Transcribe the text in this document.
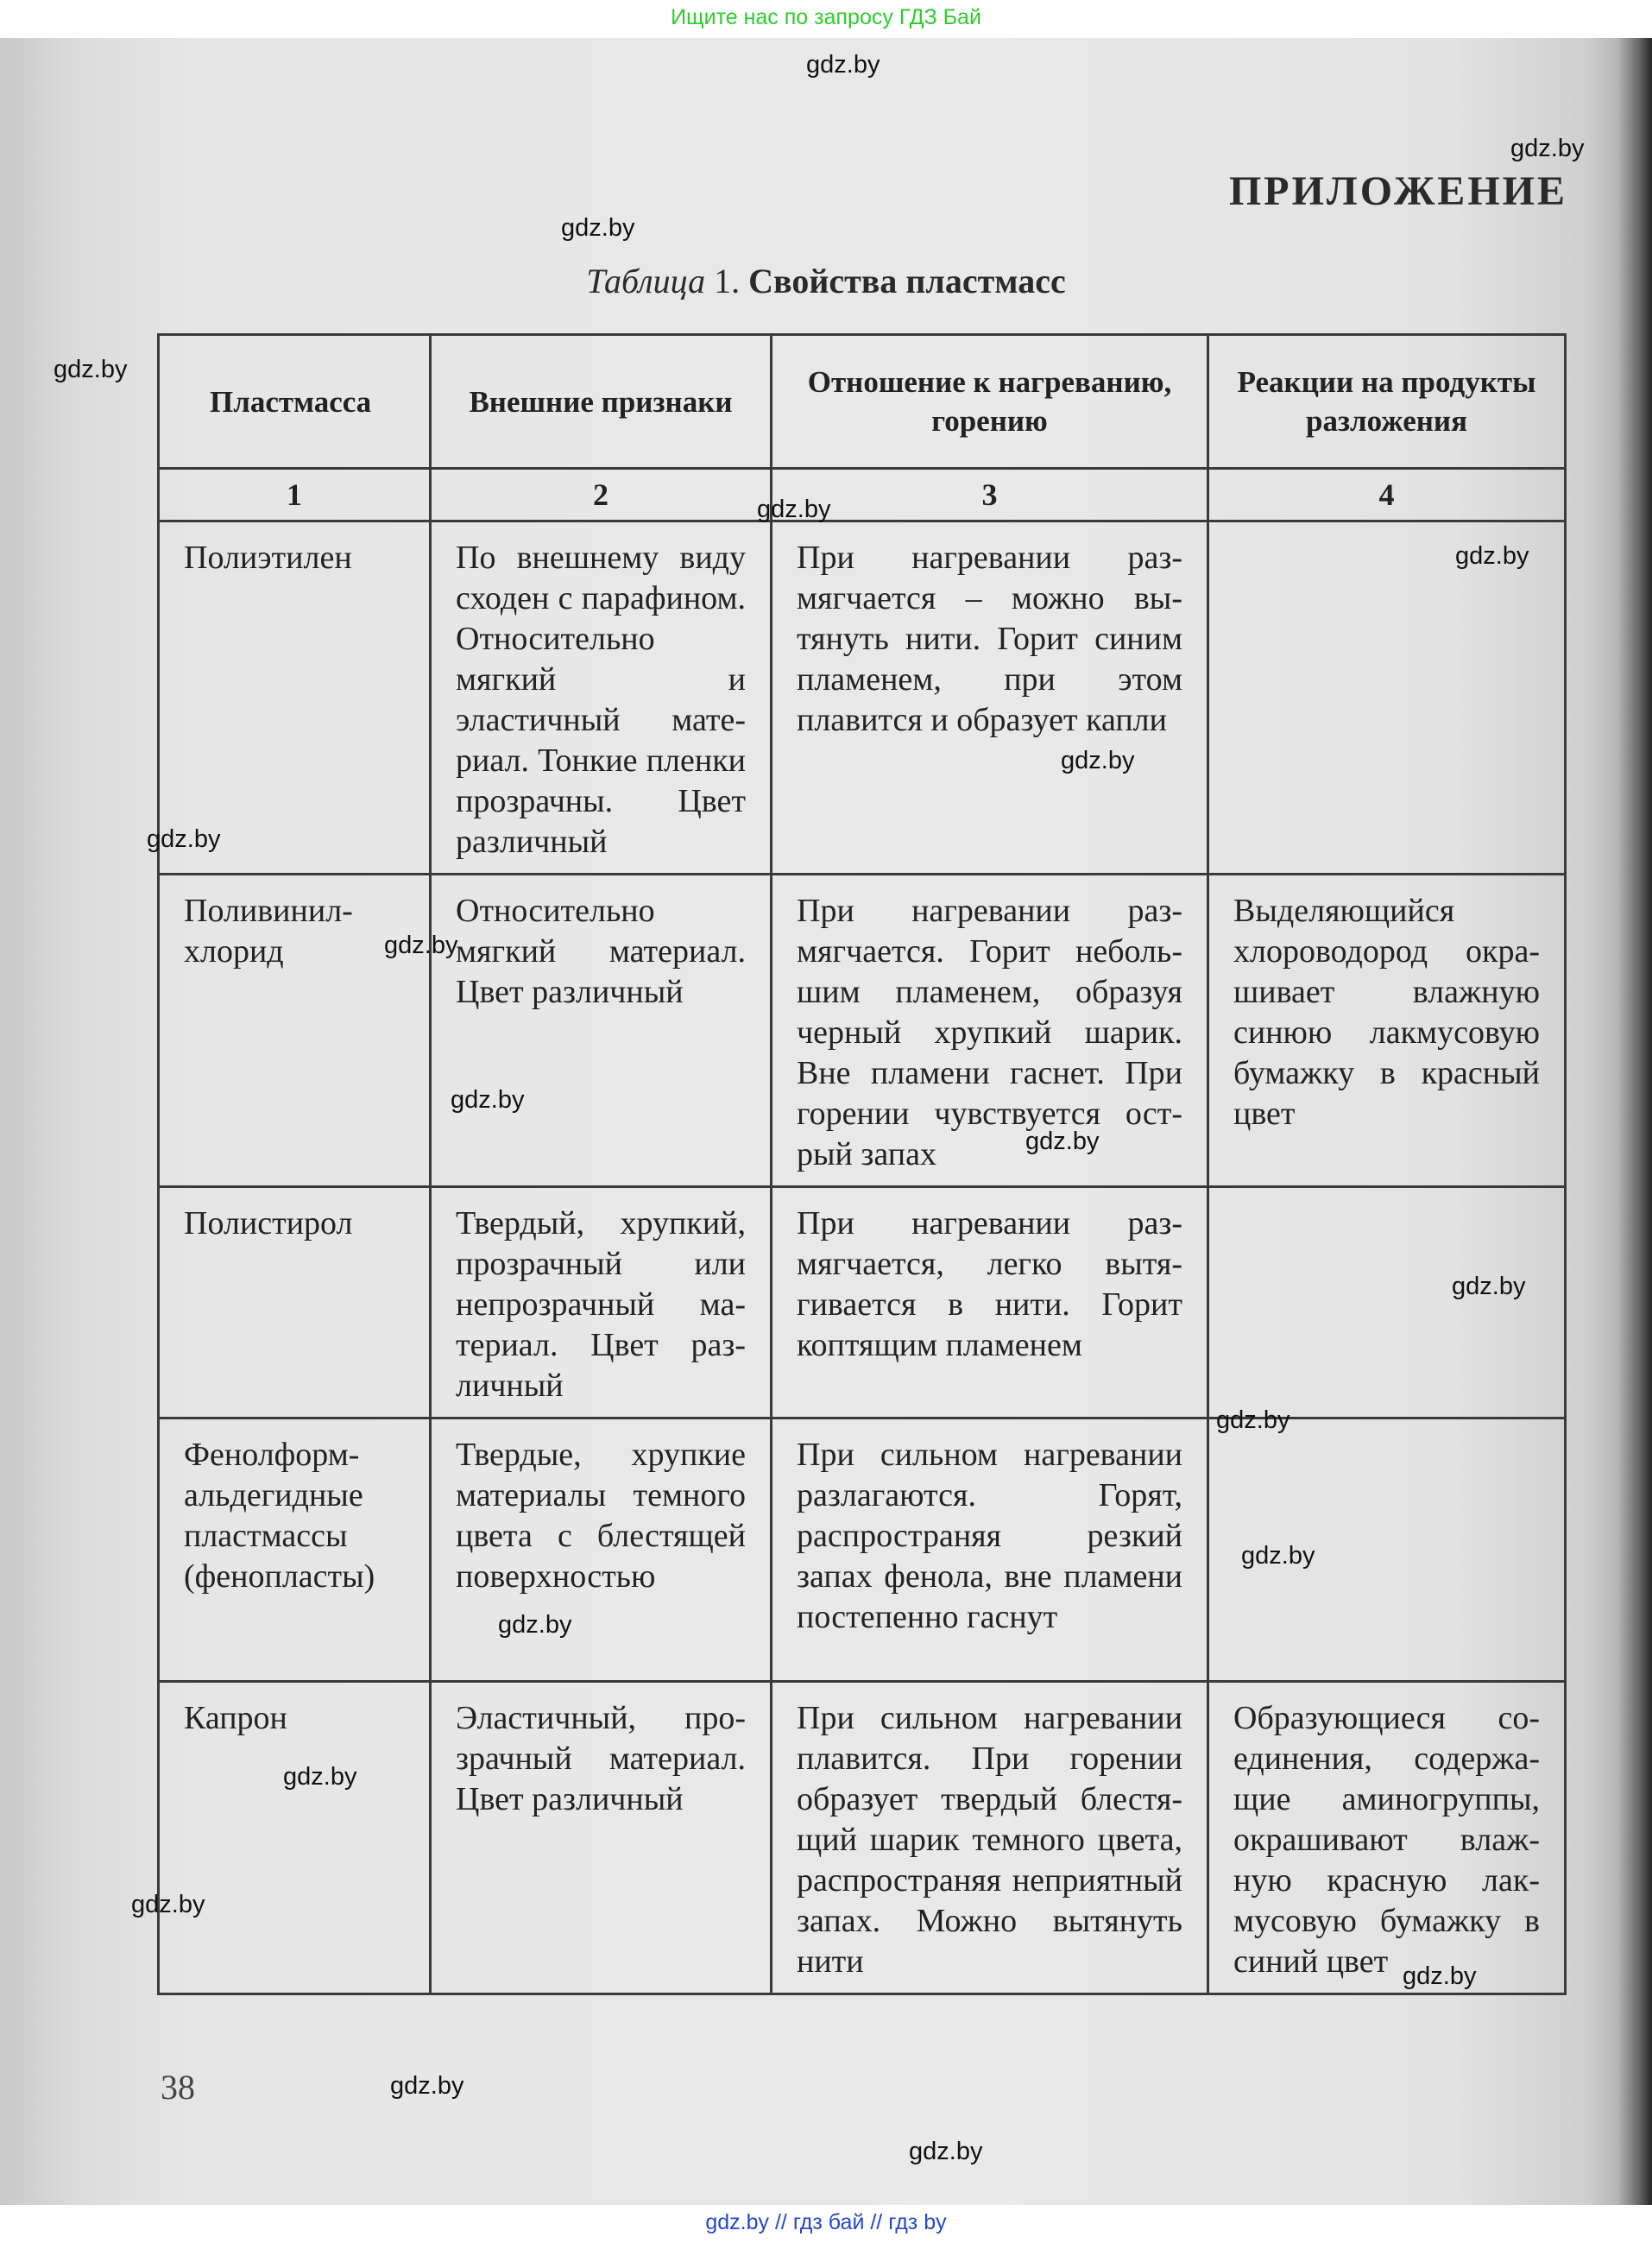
Ищите нас по запросу ГДЗ Бай
ПРИЛОЖЕНИЕ
Таблица 1. Свойства пластмасс
Пластмасса	Внешние признаки	Отношение к нагреванию, горению	Реакции на продукты разложения
1	2	3	4
Полиэтилен	По внешнему виду сходен с парафином. Относительно мягкий и эластичный материал. Тонкие пленки прозрачны. Цвет различный	При нагревании размягчается – можно вытянуть нити. Горит синим пламенем, при этом плавится и образует капли	
Поливинилхлорид	Относительно мягкий материал. Цвет различный	При нагревании размягчается. Горит небольшим пламенем, образуя черный хрупкий шарик. Вне пламени гаснет. При горении чувствуется острый запах	Выделяющийся хлороводород окрашивает влажную синюю лакмусовую бумажку в красный цвет
Полистирол	Твердый, хрупкий, прозрачный или непрозрачный материал. Цвет различный	При нагревании размягчается, легко вытягивается в нити. Горит коптящим пламенем	
Фенолформальдегидные пластмассы (фенопласты)	Твердые, хрупкие материалы темного цвета с блестящей поверхностью	При сильном нагревании разлагаются. Горят, распространяя резкий запах фенола, вне пламени постепенно гаснут	
Капрон	Эластичный, прозрачный материал. Цвет различный	При сильном нагревании плавится. При горении образует твердый блестящий шарик темного цвета, распространяя неприятный запах. Можно вытянуть нити	Образующиеся соединения, содержащие аминогруппы, окрашивают влажную красную лакмусовую бумажку в синий цвет
38
gdz.by
gdz.by
gdz.by
gdz.by
gdz.by
gdz.by
gdz.by
gdz.by
gdz.by
gdz.by
gdz.by
gdz.by
gdz.by
gdz.by
gdz.by
gdz.by
gdz.by
gdz.by
gdz.by
gdz.by
gdz.by // гдз бай // гдз by
